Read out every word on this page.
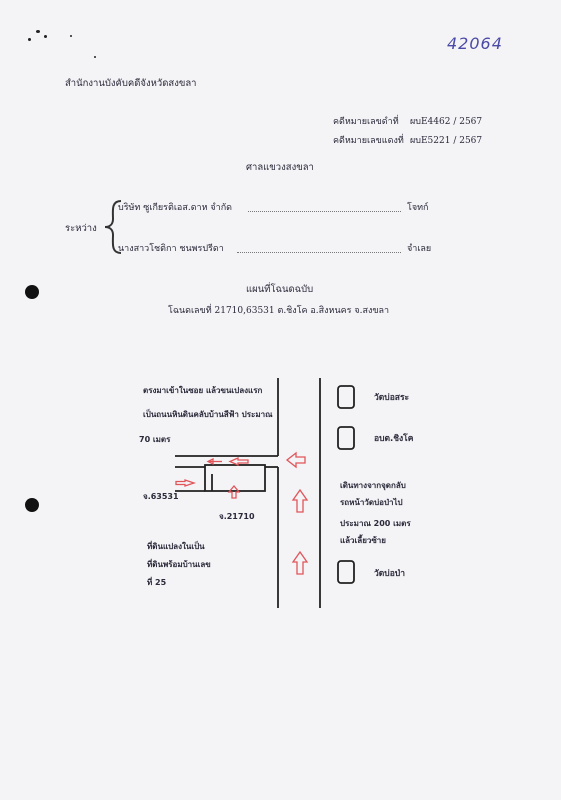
42064
สำนักงานบังคับคดีจังหวัดสงขลา
คดีหมายเลขดำที่ ผบE4462 / 2567
คดีหมายเลขแดงที่ ผบE5221 / 2567
ศาลแขวงสงขลา
ระหว่าง
บริษัท ซูเกียรติเอส.ดาห จำกัด	โจทก์
นางสาวโชติกา ชนพรปรีดา	จำเลย
แผนที่โฉนดฉบับ
โฉนดเลขที่ 21710,63531 ต.ชิงโค อ.สิงหนคร จ.สงขลา
ตรงมาเข้าในซอย แล้วขนเปลงแรก
เป็นถนนหินดินคลับบ้านสีฟ้า ประมาณ
70 เมตร
วัดบ่อสระ
อบต.ชิงโค
วัดบ่อป่า
เดินทางจากจุดกลับ
รถหน้าวัดบ่อป่าไป
ประมาณ 200 เมตร
แล้วเลี้ยวซ้าย
จ.63531
จ.21710
ที่ดินแปลงในเป็น
ที่ดินพร้อมบ้านเลข
ที่ 25
